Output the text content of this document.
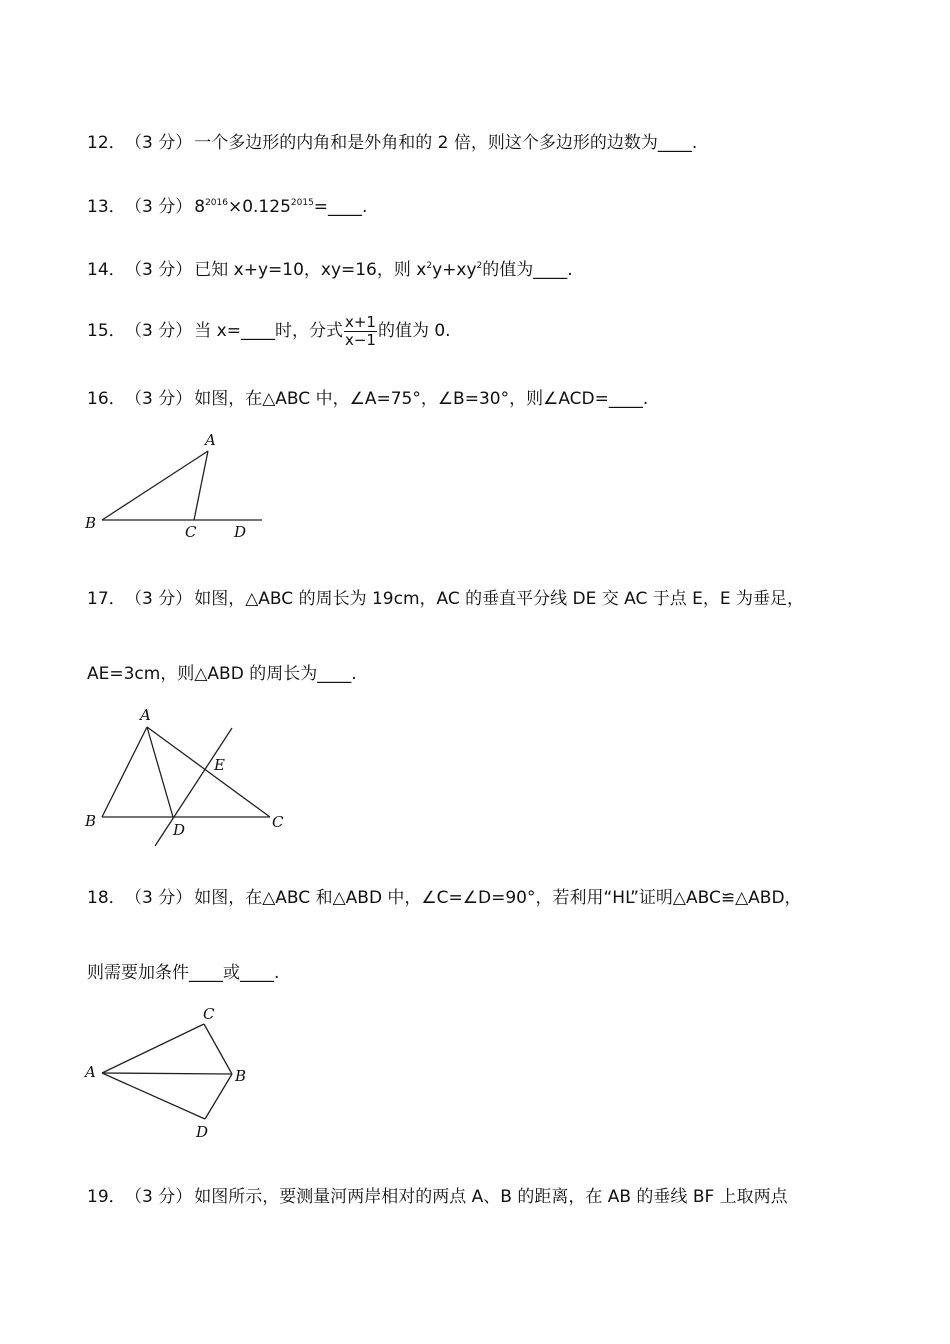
12．（3 分） 一个多边形的内角和是外角和的 2 倍，则这个多边形的边数为____.
13．（3 分） $8^{2016}\times 0.125^{2015}=\_\_\_\_$.
14．（3 分） 已知 x+y=10，xy=16，则 $x^2y+xy^2$的值为____.
15．（3 分） 当 x=____时，分式 $\frac{x+1}{x-1}$ 的值为 0.
16．（3 分） 如图，在△ABC 中，∠A=75°，∠B=30°，则∠ACD=____.
A
B	C	D
17．（3 分） 如图，△ABC 的周长为 19cm，AC 的垂直平分线 DE 交 AC 于点 E，E 为垂足，
AE=3cm，则△ABD 的周长为____.
A
B	C
D
E
18．（3 分） 如图，在△ABC 和△ABD 中，∠C=∠D=90°，若利用“HL”证明△ABC≌△ABD，
则需要加条件____或____.
C
A	B
D
19．（3 分） 如图所示，要测量河两岸相对的两点 A、B 的距离，在 AB 的垂线 BF 上取两点
